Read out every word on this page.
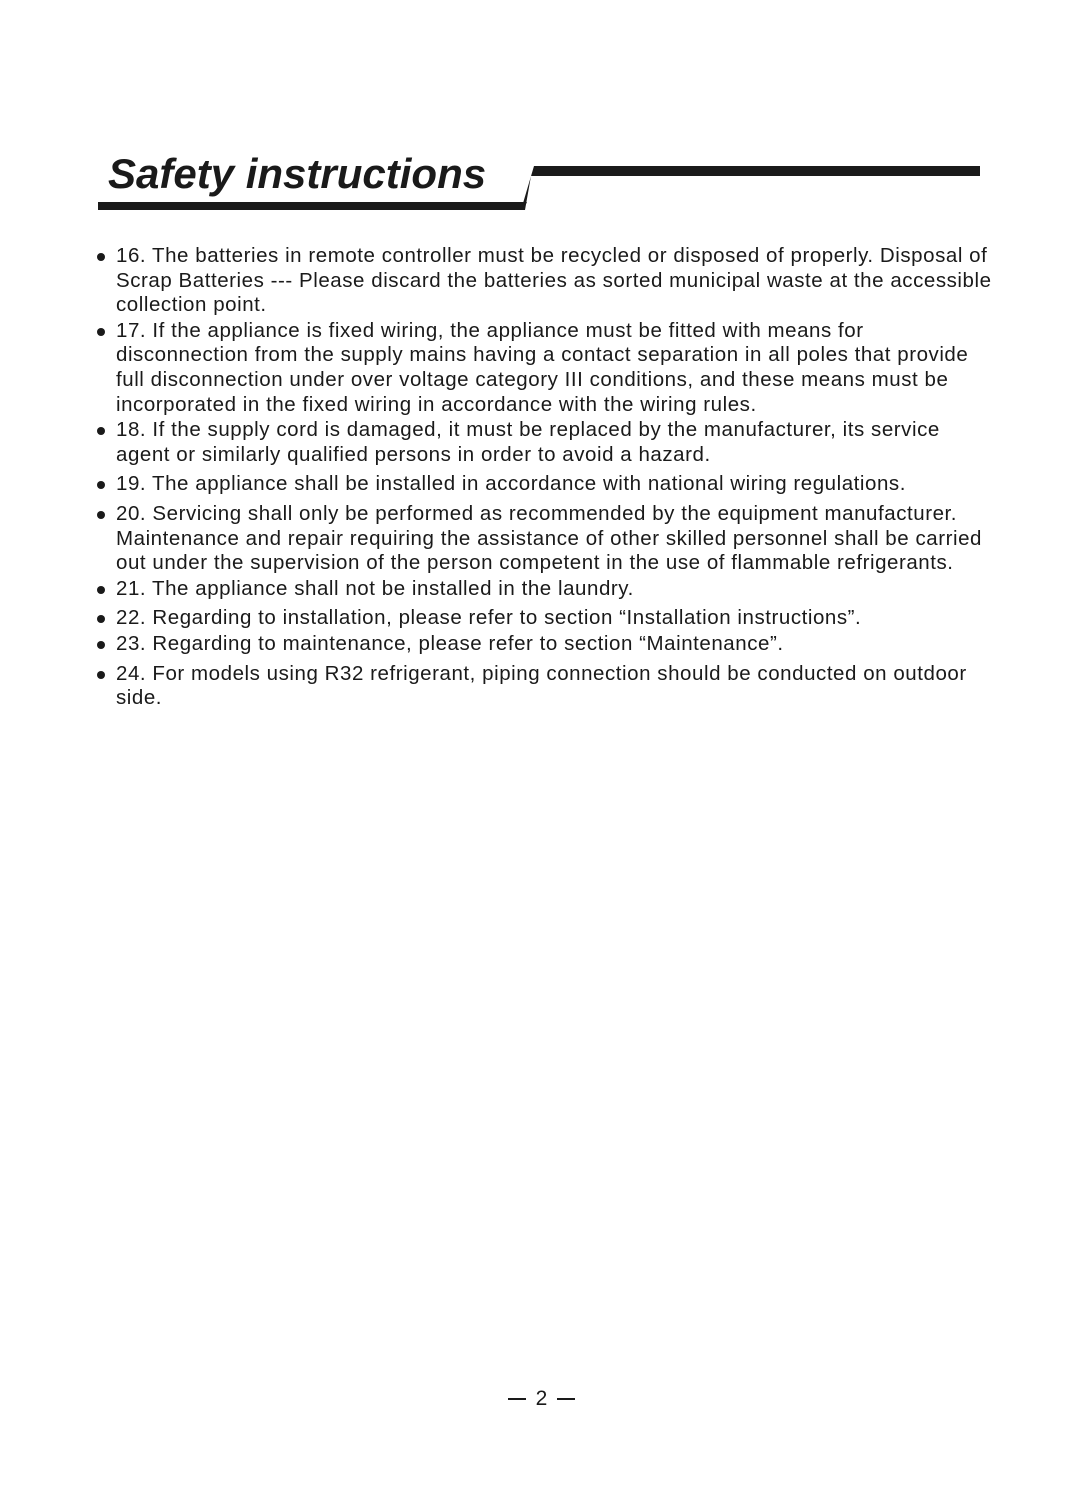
Safety instructions

16. The batteries in remote controller must be recycled or disposed of properly. Disposal of Scrap Batteries --- Please discard the batteries as sorted municipal waste at the accessible collection point.

17. If the appliance is fixed wiring, the appliance must be fitted with means for disconnection from the supply mains having a contact separation in all poles that provide full disconnection under over voltage category III conditions, and these means must be incorporated in the fixed wiring in accordance with the wiring rules.

18. If the supply cord is damaged, it must be replaced by the manufacturer, its service agent or similarly qualified persons in order to avoid a hazard.

19. The appliance shall be installed in accordance with national wiring regulations.

20. Servicing shall only be performed as recommended by the equipment manufacturer. Maintenance and repair requiring the assistance of other skilled personnel shall be carried out under the supervision of the person competent in the use of flammable refrigerants.

21. The appliance shall not be installed in the laundry.

22. Regarding to installation, please refer to section “Installation instructions”.

23. Regarding to maintenance, please refer to section “Maintenance”.

24. For models using R32 refrigerant, piping connection should be conducted on outdoor side.

2
